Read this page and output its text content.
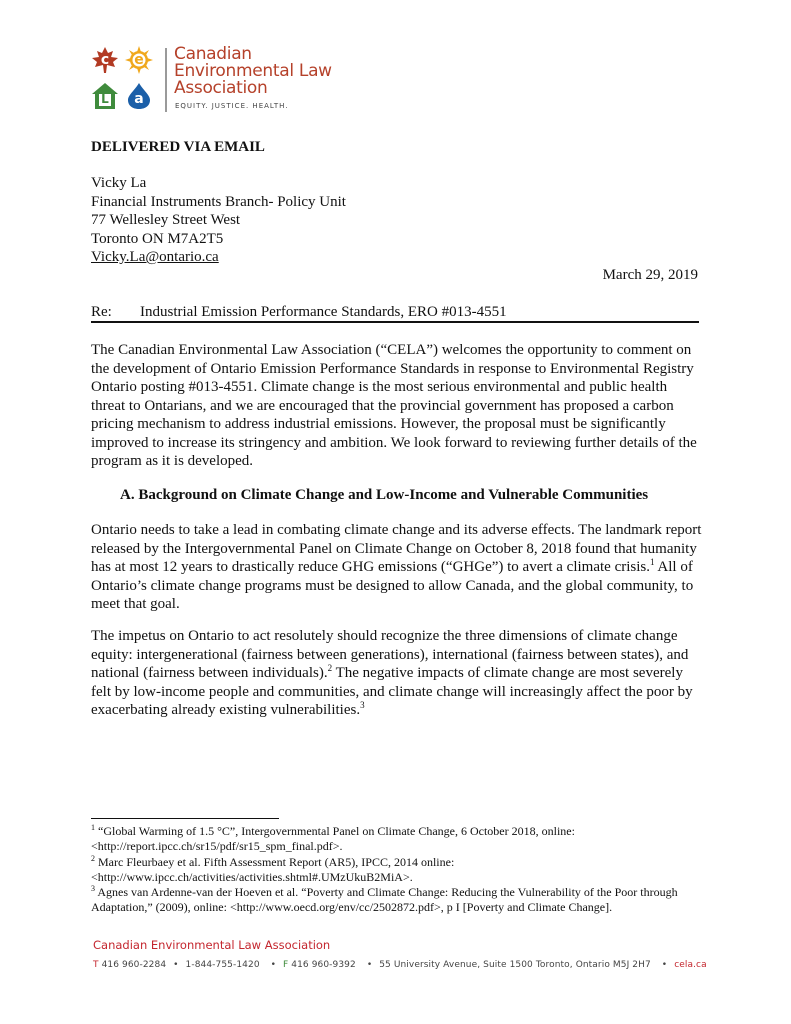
c e
L a
Canadian
Environmental Law
Association
EQUITY. JUSTICE. HEALTH.
DELIVERED VIA EMAIL
Vicky La
Financial Instruments Branch- Policy Unit
77 Wellesley Street West
Toronto ON M7A2T5
Vicky.La@ontario.ca
March 29, 2019
Re: Industrial Emission Performance Standards, ERO #013-4551
The Canadian Environmental Law Association (“CELA”) welcomes the opportunity to comment on the development of Ontario Emission Performance Standards in response to Environmental Registry Ontario posting #013-4551. Climate change is the most serious environmental and public health threat to Ontarians, and we are encouraged that the provincial government has proposed a carbon pricing mechanism to address industrial emissions. However, the proposal must be significantly improved to increase its stringency and ambition. We look forward to reviewing further details of the program as it is developed.
A. Background on Climate Change and Low-Income and Vulnerable Communities
Ontario needs to take a lead in combating climate change and its adverse effects. The landmark report released by the Intergovernmental Panel on Climate Change on October 8, 2018 found that humanity has at most 12 years to drastically reduce GHG emissions (“GHGe”) to avert a climate crisis.$^1$ All of Ontario’s climate change programs must be designed to allow Canada, and the global community, to meet that goal.
The impetus on Ontario to act resolutely should recognize the three dimensions of climate change equity: intergenerational (fairness between generations), international (fairness between states), and national (fairness between individuals).$^2$ The negative impacts of climate change are most severely felt by low-income people and communities, and climate change will increasingly affect the poor by exacerbating already existing vulnerabilities.$^3$
$^1$ “Global Warming of 1.5 °C”, Intergovernmental Panel on Climate Change, 6 October 2018, online: <http://report.ipcc.ch/sr15/pdf/sr15_spm_final.pdf>.
$^2$ Marc Fleurbaey et al. Fifth Assessment Report (AR5), IPCC, 2014 online: <http://www.ipcc.ch/activities/activities.shtml#.UMzUkuB2MiA>.
$^3$ Agnes van Ardenne-van der Hoeven et al. “Poverty and Climate Change: Reducing the Vulnerability of the Poor through Adaptation,” (2009), online: <http://www.oecd.org/env/cc/2502872.pdf>, p I [Poverty and Climate Change].
Canadian Environmental Law Association
T 416 960-2284 • 1-844-755-1420 • F 416 960-9392 • 55 University Avenue, Suite 1500 Toronto, Ontario M5J 2H7 • cela.ca
